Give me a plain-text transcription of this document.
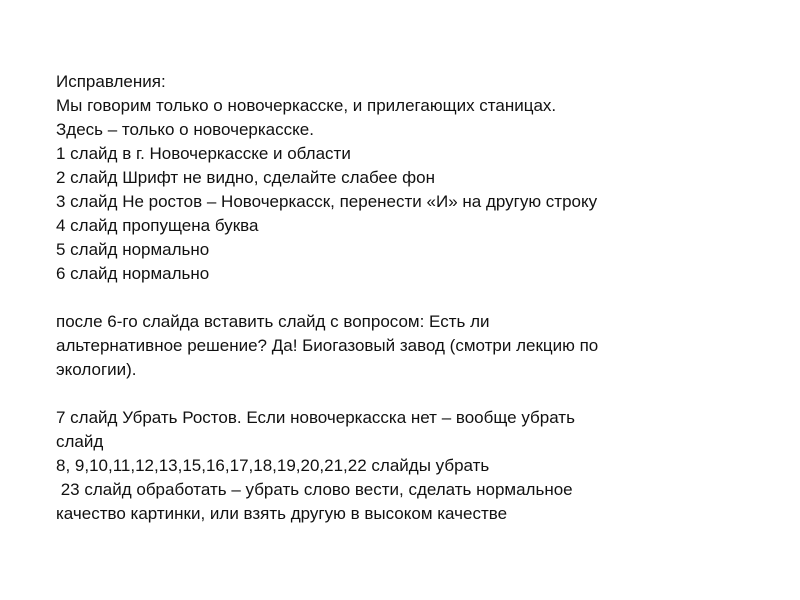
Исправления:
Мы говорим только о новочеркасске, и прилегающих станицах.
Здесь – только о новочеркасске.
1 слайд в г. Новочеркасске и области
2 слайд Шрифт не видно, сделайте слабее фон
3 слайд Не ростов – Новочеркасск, перенести «И» на другую строку
4 слайд пропущена буква
5 слайд нормально
6 слайд нормально
после 6-го слайда вставить слайд с вопросом: Есть ли
альтернативное решение? Да! Биогазовый завод (смотри лекцию по
экологии).
7 слайд Убрать Ростов. Если новочеркасска нет – вообще убрать
слайд
8, 9,10,11,12,13,15,16,17,18,19,20,21,22 слайды убрать
23 слайд обработать – убрать слово вести, сделать нормальное
качество картинки, или взять другую в высоком качестве
